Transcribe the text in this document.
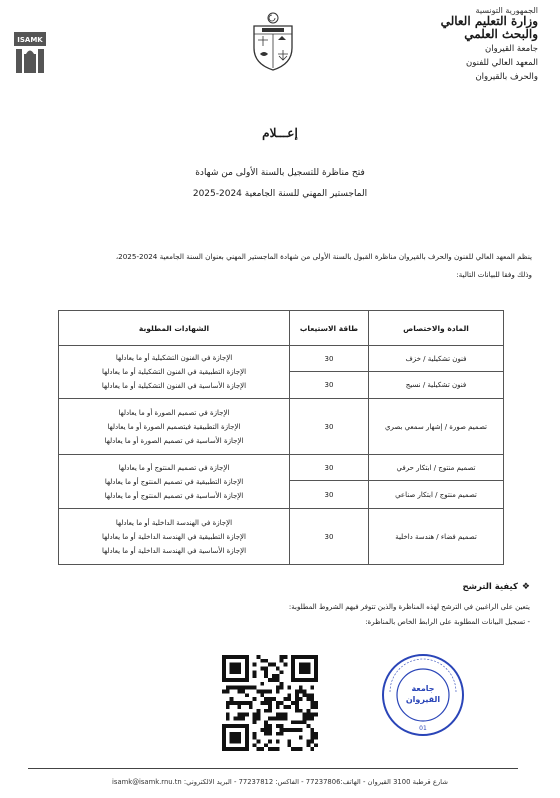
الجمهورية التونسية
وزارة التعليم العالي
والبحث العلمي
جامعة القيروان
المعهد العالي للفنون
والحرف بالقيروان
ISAMK
إعـــلام
فتح مناظرة للتسجيل بالسنة الأولى من شهادة
الماجستير المهني للسنة الجامعية 2024-2025
ينظم المعهد العالي للفنون والحرف بالقيروان مناظرة القبول بالسنة الأولى من شهادة الماجستير المهني بعنوان السنة الجامعية 2024-2025،
وذلك وفقا للبيانات التالية:
المادة والاختصاص	طاقة الاستيعاب	الشهادات المطلوبة
فنون تشكيلية / خزف	30	الإجازة في الفنون التشكيلية أو ما يعادلها
الإجازة التطبيقية في الفنون التشكيلية أو ما يعادلها
الإجازة الأساسية في الفنون التشكيلية أو ما يعادلها

فنون تشكيلية / نسيج	30	
تصميم صورة / إشهار سمعي بصري	30	الإجازة في تصميم الصورة أو ما يعادلها
الإجازة التطبيقية فيتصميم الصورة أو ما يعادلها
الإجازة الأساسية في تصميم الصورة أو ما يعادلها

تصميم منتوج / ابتكار حرفي	30	الإجازة في تصميم المنتوج أو ما يعادلها
الإجازة التطبيقية في تصميم المنتوج أو ما يعادلها
الإجازة الأساسية في تصميم المنتوج أو ما يعادلها

تصميم منتوج / ابتكار صناعي	30	
تصميم فضاء / هندسة داخلية	30	الإجازة في الهندسة الداخلية أو ما يعادلها
الإجازة التطبيقية في الهندسة الداخلية أو ما يعادلها
الإجازة الأساسية في الهندسة الداخلية أو ما يعادلها
❖كيفية الترشح
يتعين على الراغبين في الترشح لهذه المناظرة والذين تتوفر فيهم الشروط المطلوبة:
- تسجيل البيانات المطلوبة على الرابط الخاص بالمناظرة:
جامعة
القيروان
01
شارع قرطبة 3100 القيروان - الهاتف:77237806 - الفاكس: 77237812 - البريد الالكتروني: isamk@isamk.rnu.tn
